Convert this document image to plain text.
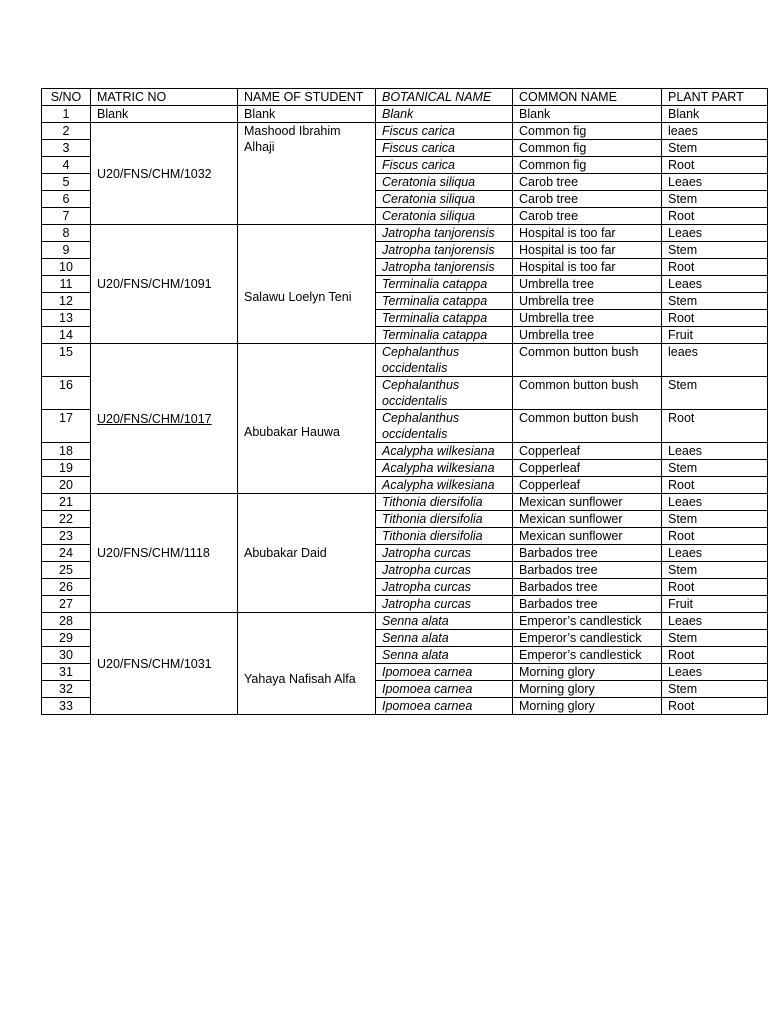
S/NO	MATRIC NO	NAME OF STUDENT	BOTANICAL NAME	COMMON NAME	PLANT PART
1	Blank	Blank	Blank	Blank	Blank
2	U20/FNS/CHM/1032	Mashood Ibrahim Alhaji	Fiscus carica	Common fig	leaes
3			Fiscus carica	Common fig	Stem
4			Fiscus carica	Common fig	Root
5			Ceratonia siliqua	Carob tree	Leaes
6			Ceratonia siliqua	Carob tree	Stem
7			Ceratonia siliqua	Carob tree	Root
8	U20/FNS/CHM/1091	Salawu Loelyn Teni	Jatropha tanjorensis	Hospital is too far	Leaes
9			Jatropha tanjorensis	Hospital is too far	Stem
10			Jatropha tanjorensis	Hospital is too far	Root
11			Terminalia catappa	Umbrella tree	Leaes
12			Terminalia catappa	Umbrella tree	Stem
13			Terminalia catappa	Umbrella tree	Root
14			Terminalia catappa	Umbrella tree	Fruit
15	U20/FNS/CHM/1017	Abubakar Hauwa	Cephalanthus occidentalis	Common button bush	leaes
16			Cephalanthus occidentalis	Common button bush	Stem
17			Cephalanthus occidentalis	Common button bush	Root
18			Acalypha wilkesiana	Copperleaf	Leaes
19			Acalypha wilkesiana	Copperleaf	Stem
20			Acalypha wilkesiana	Copperleaf	Root
21	U20/FNS/CHM/1118	Abubakar Daid	Tithonia diersifolia	Mexican sunflower	Leaes
22			Tithonia diersifolia	Mexican sunflower	Stem
23			Tithonia diersifolia	Mexican sunflower	Root
24			Jatropha curcas	Barbados tree	Leaes
25			Jatropha curcas	Barbados tree	Stem
26			Jatropha curcas	Barbados tree	Root
27			Jatropha curcas	Barbados tree	Fruit
28	U20/FNS/CHM/1031	Yahaya Nafisah Alfa	Senna alata	Emperor’s candlestick	Leaes
29			Senna alata	Emperor’s candlestick	Stem
30			Senna alata	Emperor’s candlestick	Root
31			Ipomoea carnea	Morning glory	Leaes
32			Ipomoea carnea	Morning glory	Stem
33			Ipomoea carnea	Morning glory	Root
